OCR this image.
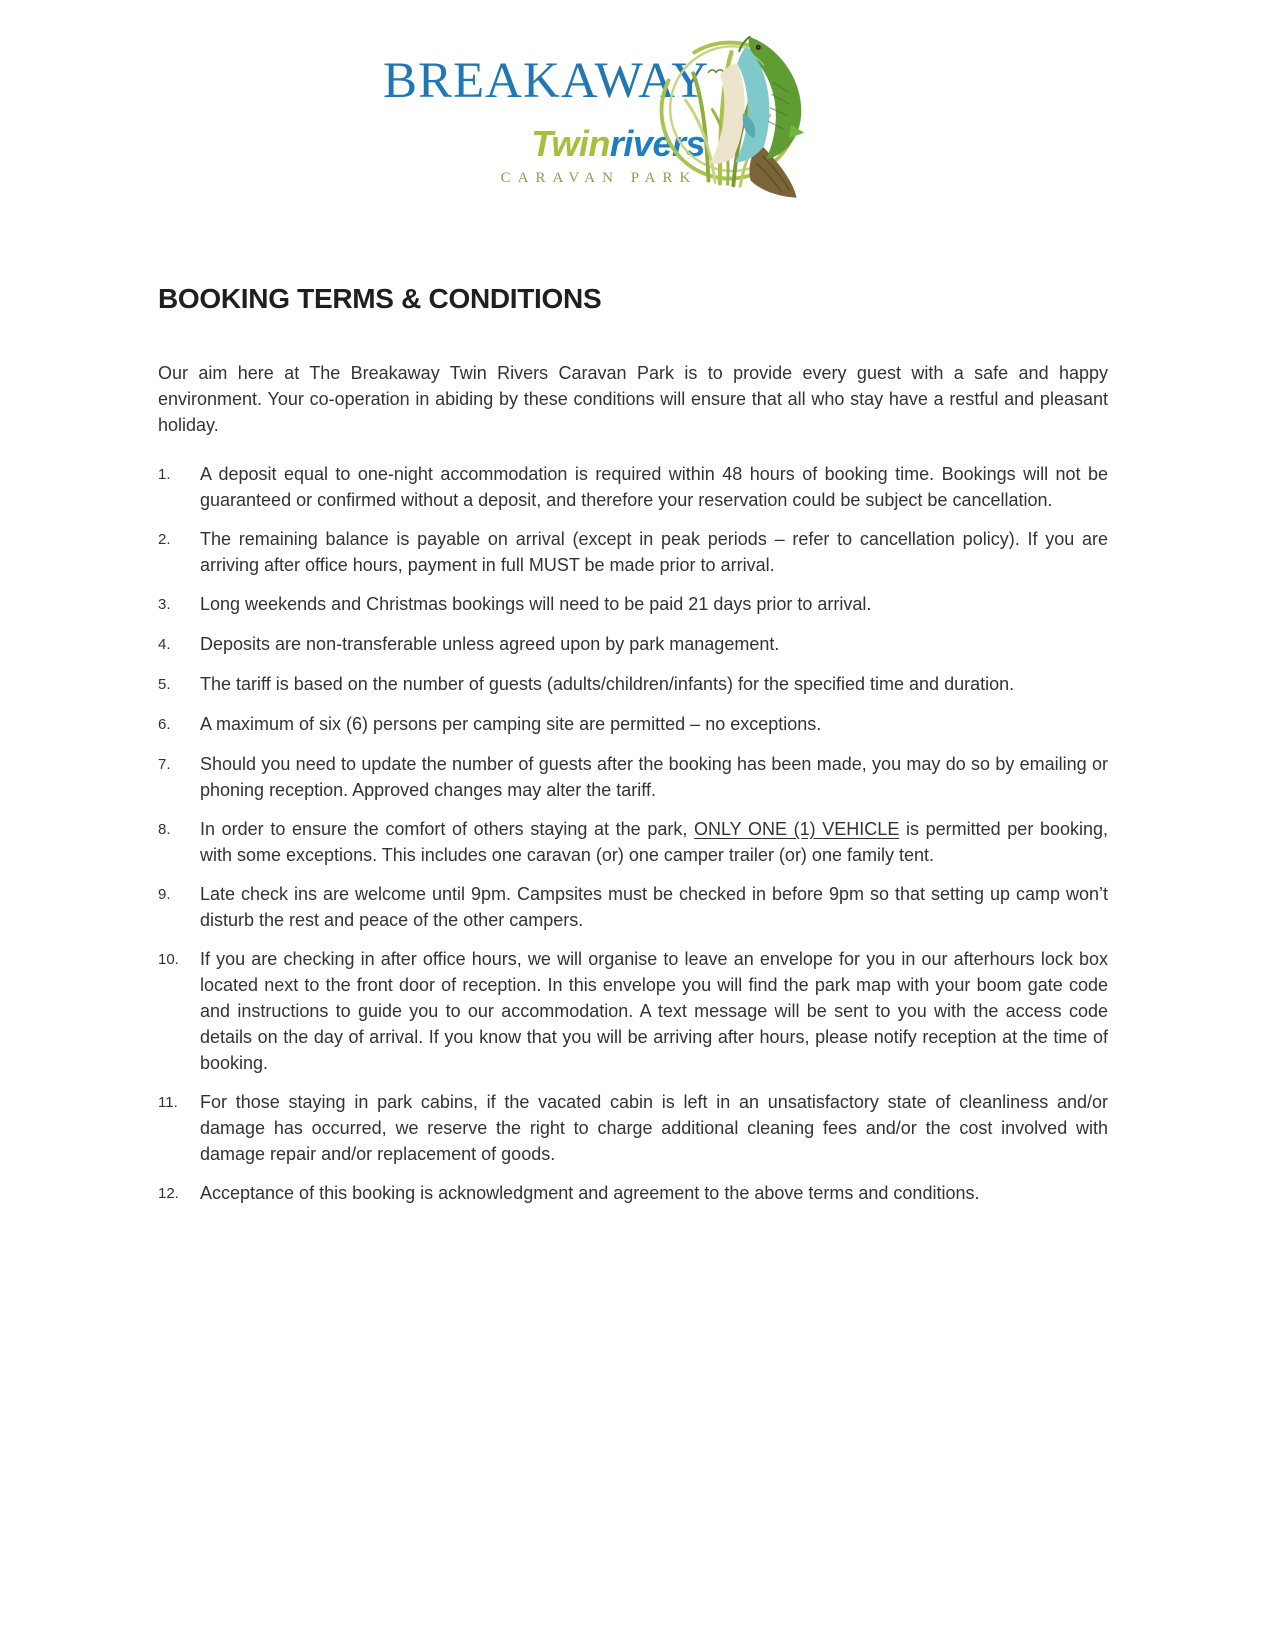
BREAKAWAY
Twinrivers
CARAVAN PARK
BOOKING TERMS & CONDITIONS

Our aim here at The Breakaway Twin Rivers Caravan Park is to provide every guest with a safe and happy environment. Your co-operation in abiding by these conditions will ensure that all who stay have a restful and pleasant holiday.

1.	A deposit equal to one-night accommodation is required within 48 hours of booking time. Bookings will not be guaranteed or confirmed without a deposit, and therefore your reservation could be subject be cancellation.

2.	The remaining balance is payable on arrival (except in peak periods – refer to cancellation policy). If you are arriving after office hours, payment in full MUST be made prior to arrival.

3.	Long weekends and Christmas bookings will need to be paid 21 days prior to arrival.

4.	Deposits are non-transferable unless agreed upon by park management.

5.	The tariff is based on the number of guests (adults/children/infants) for the specified time and duration.

6.	A maximum of six (6) persons per camping site are permitted – no exceptions.

7.	Should you need to update the number of guests after the booking has been made, you may do so by emailing or phoning reception. Approved changes may alter the tariff.

8.	In order to ensure the comfort of others staying at the park, ONLY ONE (1) VEHICLE is permitted per booking, with some exceptions. This includes one caravan (or) one camper trailer (or) one family tent.

9.	Late check ins are welcome until 9pm. Campsites must be checked in before 9pm so that setting up camp won’t disturb the rest and peace of the other campers.

10.	If you are checking in after office hours, we will organise to leave an envelope for you in our afterhours lock box located next to the front door of reception. In this envelope you will find the park map with your boom gate code and instructions to guide you to our accommodation. A text message will be sent to you with the access code details on the day of arrival. If you know that you will be arriving after hours, please notify reception at the time of booking.

11.	For those staying in park cabins, if the vacated cabin is left in an unsatisfactory state of cleanliness and/or damage has occurred, we reserve the right to charge additional cleaning fees and/or the cost involved with damage repair and/or replacement of goods.

12.	Acceptance of this booking is acknowledgment and agreement to the above terms and conditions.
